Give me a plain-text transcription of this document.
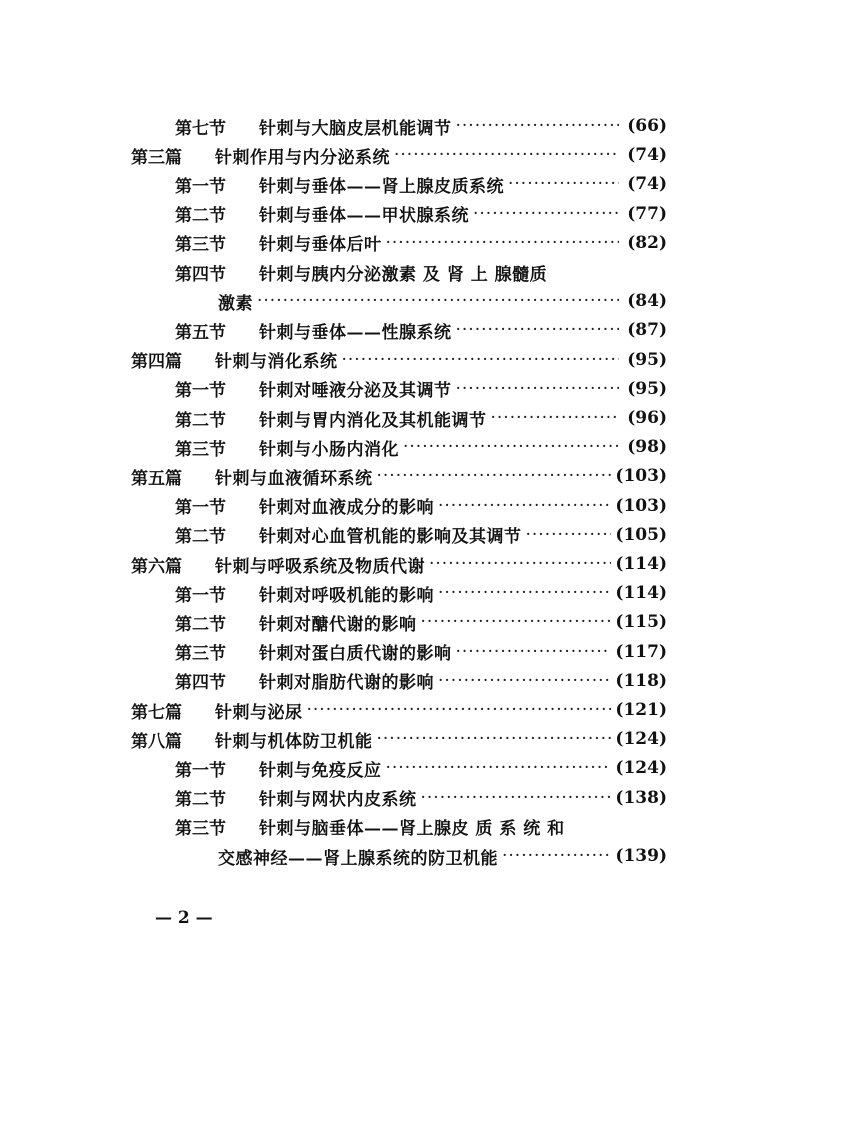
第七节	针刺与大脑皮层机能调节 ·····	(66)
第三篇	针刺作用与内分泌系统 ·····	(74)
第一节	针刺与垂体——肾上腺皮质系统 ·····	(74)
第二节	针刺与垂体——甲状腺系统 ·····	(77)
第三节	针刺与垂体后叶 ·····	(82)
第四节	针刺与胰内分泌激素 及 肾 上 腺髓质
激素 ·····	(84)
第五节	针刺与垂体——性腺系统 ·····	(87)
第四篇	针刺与消化系统 ·····	(95)
第一节	针刺对唾液分泌及其调节 ·····	(95)
第二节	针刺与胃内消化及其机能调节 ·····	(96)
第三节	针刺与小肠内消化 ·····	(98)
第五篇	针刺与血液循环系统 ·····	(103)
第一节	针刺对血液成分的影响 ·····	(103)
第二节	针刺对心血管机能的影响及其调节 ·····	(105)
第六篇	针刺与呼吸系统及物质代谢 ·····	(114)
第一节	针刺对呼吸机能的影响 ·····	(114)
第二节	针刺对醣代谢的影响 ·····	(115)
第三节	针刺对蛋白质代谢的影响 ·····	(117)
第四节	针刺对脂肪代谢的影响 ·····	(118)
第七篇	针刺与泌尿 ·····	(121)
第八篇	针刺与机体防卫机能 ·····	(124)
第一节	针刺与免疫反应 ·····	(124)
第二节	针刺与网状内皮系统 ·····	(138)
第三节	针刺与脑垂体——肾上腺皮 质 系 统 和
交感神经——肾上腺系统的防卫机能 ·····	(139)
— 2 —
